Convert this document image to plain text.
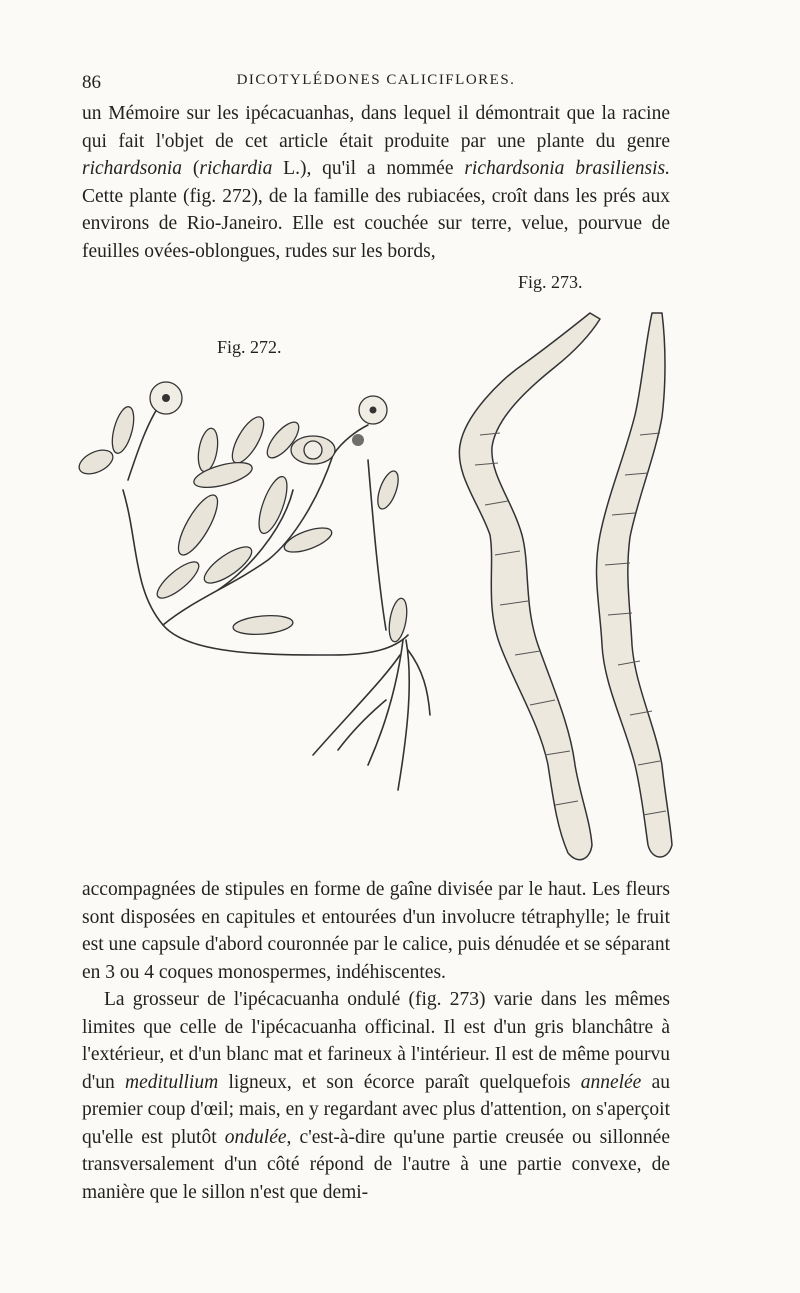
86	DICOTYLÉDONES CALICIFLORES.

un Mémoire sur les ipécacuanhas, dans lequel il démontrait que la racine qui fait l'objet de cet article était produite par une plante du genre richardsonia (richardia L.), qu'il a nommée richardsonia brasiliensis. Cette plante (fig. 272), de la famille des rubiacées, croît dans les prés aux environs de Rio-Janeiro. Elle est couchée sur terre, velue, pourvue de feuilles ovées-oblongues, rudes sur les bords,

Fig. 273.
Fig. 272.

accompagnées de stipules en forme de gaîne divisée par le haut. Les fleurs sont disposées en capitules et entourées d'un involucre tétraphylle; le fruit est une capsule d'abord couronnée par le calice, puis dénudée et se séparant en 3 ou 4 coques monospermes, indéhiscentes.

La grosseur de l'ipécacuanha ondulé (fig. 273) varie dans les mêmes limites que celle de l'ipécacuanha officinal. Il est d'un gris blanchâtre à l'extérieur, et d'un blanc mat et farineux à l'intérieur. Il est de même pourvu d'un meditullium ligneux, et son écorce paraît quelquefois annelée au premier coup d'œil; mais, en y regardant avec plus d'attention, on s'aperçoit qu'elle est plutôt ondulée, c'est-à-dire qu'une partie creusée ou sillonnée transversalement d'un côté répond de l'autre à une partie convexe, de manière que le sillon n'est que demi-
